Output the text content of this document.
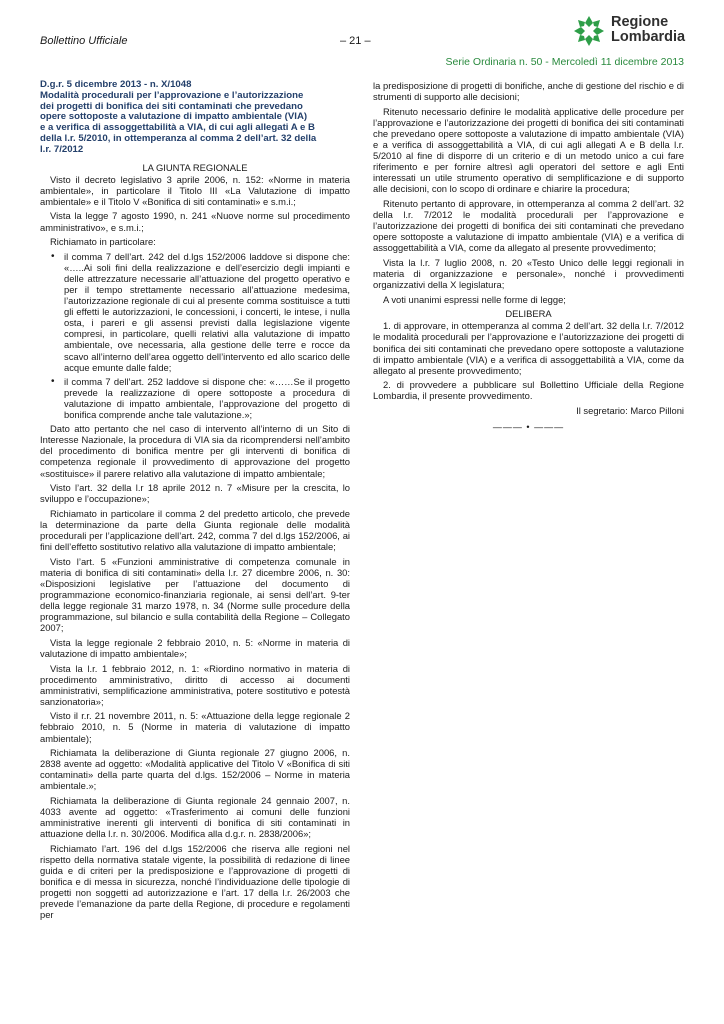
Bollettino Ufficiale	– 21 –
Regione
Lombardia
Serie Ordinaria n. 50 - Mercoledì 11 dicembre 2013
D.g.r. 5 dicembre 2013 - n. X/1048
Modalità procedurali per l’approvazione e l’autorizzazione
dei progetti di bonifica dei siti contaminati che prevedano
opere sottoposte a valutazione di impatto ambientale (VIA)
e a verifica di assoggettabilità a VIA, di cui agli allegati A e B
della l.r. 5/2010, in ottemperanza al comma 2 dell’art. 32 della
l.r. 7/2012
LA GIUNTA REGIONALE

Visto il decreto legislativo 3 aprile 2006, n. 152: «Norme in materia ambientale», in particolare il Titolo III «La Valutazione di impatto ambientale» e il Titolo V «Bonifica di siti contaminati» e s.m.i.;

Vista la legge 7 agosto 1990, n. 241 «Nuove norme sul procedimento amministrativo», e s.m.i.;

Richiamato in particolare:

• il comma 7 dell’art. 242 del d.lgs 152/2006 laddove si dispone che: «…..Ai soli fini della realizzazione e dell’esercizio degli impianti e delle attrezzature necessarie all’attuazione del progetto operativo e per il tempo strettamente necessario all’attuazione medesima, l’autorizzazione regionale di cui al presente comma sostituisce a tutti gli effetti le autorizzazioni, le concessioni, i concerti, le intese, i nulla osta, i pareri e gli assensi previsti dalla legislazione vigente compresi, in particolare, quelli relativi alla valutazione di impatto ambientale, ove necessaria, alla gestione delle terre e rocce da scavo all’interno dell’area oggetto dell’intervento ed allo scarico delle acque emunte dalle falde;
• il comma 7 dell’art. 252 laddove si dispone che: «……Se il progetto prevede la realizzazione di opere sottoposte a procedura di valutazione di impatto ambientale, l’approvazione del progetto di bonifica comprende anche tale valutazione.»;

Dato atto pertanto che nel caso di intervento all’interno di un Sito di Interesse Nazionale, la procedura di VIA sia da ricomprendersi nell’ambito del procedimento di bonifica mentre per gli interventi di bonifica di competenza regionale il provvedimento di approvazione del progetto «sostituisce» il parere relativo alla valutazione di impatto ambientale;

Visto l’art. 32 della l.r 18 aprile 2012 n. 7 «Misure per la crescita, lo sviluppo e l’occupazione»;

Richiamato in particolare il comma 2 del predetto articolo, che prevede la determinazione da parte della Giunta regionale delle modalità procedurali per l’applicazione dell’art. 242, comma 7 del d.lgs 152/2006, ai fini dell’effetto sostitutivo relativo alla valutazione di impatto ambientale;

Visto l’art. 5 «Funzioni amministrative di competenza comunale in materia di bonifica di siti contaminati» della l.r. 27 dicembre 2006, n. 30: «Disposizioni legislative per l’attuazione del documento di programmazione economico-finanziaria regionale, ai sensi dell’art. 9-ter della legge regionale 31 marzo 1978, n. 34 (Norme sulle procedure della programmazione, sul bilancio e sulla contabilità della Regione – Collegato 2007;

Vista la legge regionale 2 febbraio 2010, n. 5: «Norme in materia di valutazione di impatto ambientale»;

Vista la l.r. 1 febbraio 2012, n. 1: «Riordino normativo in materia di procedimento amministrativo, diritto di accesso ai documenti amministrativi, semplificazione amministrativa, potere sostitutivo e potestà sanzionatoria»;

Visto il r.r. 21 novembre 2011, n. 5: «Attuazione della legge regionale 2 febbraio 2010, n. 5 (Norme in materia di valutazione di impatto ambientale);

Richiamata la deliberazione di Giunta regionale 27 giugno 2006, n. 2838 avente ad oggetto: «Modalità applicative del Titolo V «Bonifica di siti contaminati» della parte quarta del d.lgs. 152/2006 – Norme in materia ambientale.»;

Richiamata la deliberazione di Giunta regionale 24 gennaio 2007, n. 4033 avente ad oggetto: «Trasferimento ai comuni delle funzioni amministrative inerenti gli interventi di bonifica di siti contaminati in attuazione della l.r. n. 30/2006. Modifica alla d.g.r. n. 2838/2006»;

Richiamato l’art. 196 del d.lgs 152/2006 che riserva alle regioni nel rispetto della normativa statale vigente, la possibilità di redazione di linee guida e di criteri per la predisposizione e l’approvazione di progetti di bonifica e di messa in sicurezza, nonché l’individuazione delle tipologie di progetti non soggetti ad autorizzazione e l’art. 17 della l.r. 26/2003 che prevede l’emanazione da parte della Regione, di procedure e regolamenti per

la predisposizione di progetti di bonifiche, anche di gestione del rischio e di strumenti di supporto alle decisioni;

Ritenuto necessario definire le modalità applicative delle procedure per l’approvazione e l’autorizzazione dei progetti di bonifica dei siti contaminati che prevedano opere sottoposte a valutazione di impatto ambientale (VIA) e a verifica di assoggettabilità a VIA, di cui agli allegati A e B della l.r. 5/2010 al fine di disporre di un criterio e di un metodo unico a cui fare riferimento e per fornire altresì agli operatori del settore e agli Enti interessati un utile strumento operativo di semplificazione e di supporto alle decisioni, con lo scopo di ordinare e chiarire la procedura;

Ritenuto pertanto di approvare, in ottemperanza al comma 2 dell’art. 32 della l.r. 7/2012 le modalità procedurali per l’approvazione e l’autorizzazione dei progetti di bonifica dei siti contaminati che prevedano opere sottoposte a valutazione di impatto ambientale (VIA) e a verifica di assoggettabilità a VIA, come da allegato al presente provvedimento;

Vista la l.r. 7 luglio 2008, n. 20 «Testo Unico delle leggi regionali in materia di organizzazione e personale», nonché i provvedimenti organizzativi della X legislatura;

A voti unanimi espressi nelle forme di legge;

DELIBERA

1. di approvare, in ottemperanza al comma 2 dell’art. 32 della l.r. 7/2012 le modalità procedurali per l’approvazione e l’autorizzazione dei progetti di bonifica dei siti contaminati che prevedano opere sottoposte a valutazione di impatto ambientale (VIA) e a verifica di assoggettabilità a VIA, come da allegato al presente provvedimento;

2. di provvedere a pubblicare sul Bollettino Ufficiale della Regione Lombardia, il presente provvedimento.

Il segretario: Marco Pilloni
——— • ———
